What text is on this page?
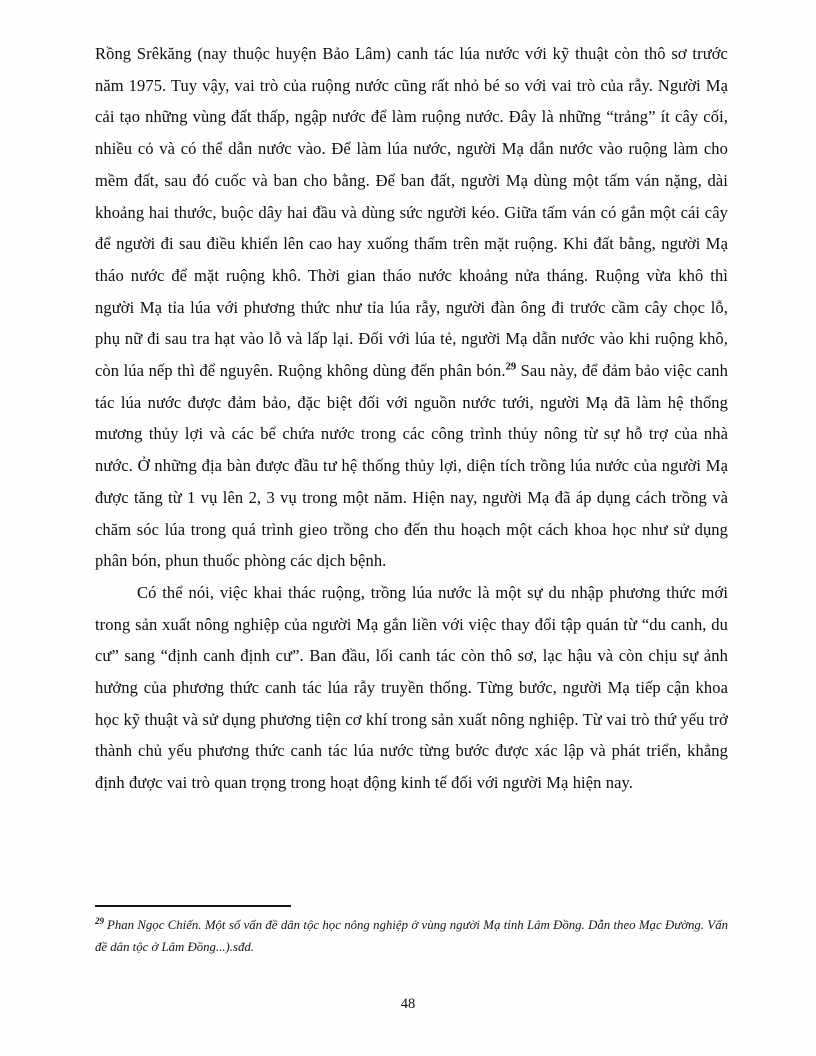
Rồng Srêkăng (nay thuộc huyện Bảo Lâm) canh tác lúa nước với kỹ thuật còn thô sơ trước năm 1975. Tuy vậy, vai trò của ruộng nước cũng rất nhỏ bé so với vai trò của rẫy. Người Mạ cải tạo những vùng đất thấp, ngập nước để làm ruộng nước. Đây là những “trảng” ít cây cối, nhiều cỏ và có thể dẫn nước vào. Để làm lúa nước, người Mạ dẫn nước vào ruộng làm cho mềm đất, sau đó cuốc và ban cho bằng. Để ban đất, người Mạ dùng một tấm ván nặng, dài khoảng hai thước, buộc dây hai đầu và dùng sức người kéo. Giữa tấm ván có gắn một cái cây để người đi sau điều khiển lên cao hay xuống thấm trên mặt ruộng. Khi đất bằng, người Mạ tháo nước để mặt ruộng khô. Thời gian tháo nước khoảng nửa tháng. Ruộng vừa khô thì người Mạ tỉa lúa với phương thức như tỉa lúa rẫy, người đàn ông đi trước cầm cây chọc lỗ, phụ nữ đi sau tra hạt vào lỗ và lấp lại. Đối với lúa tẻ, người Mạ dẫn nước vào khi ruộng khô, còn lúa nếp thì để nguyên. Ruộng không dùng đến phân bón.$^{29}$ Sau này, để đảm bảo việc canh tác lúa nước được đảm bảo, đặc biệt đối với nguồn nước tưới, người Mạ đã làm hệ thống mương thủy lợi và các bể chứa nước trong các công trình thủy nông từ sự hỗ trợ của nhà nước. Ở những địa bàn được đầu tư hệ thống thủy lợi, diện tích trồng lúa nước của người Mạ được tăng từ 1 vụ lên 2, 3 vụ trong một năm. Hiện nay, người Mạ đã áp dụng cách trồng và chăm sóc lúa trong quá trình gieo trồng cho đến thu hoạch một cách khoa học như sử dụng phân bón, phun thuốc phòng các dịch bệnh.

Có thể nói, việc khai thác ruộng, trồng lúa nước là một sự du nhập phương thức mới trong sản xuất nông nghiệp của người Mạ gắn liền với việc thay đổi tập quán từ “du canh, du cư” sang “định canh định cư”. Ban đầu, lối canh tác còn thô sơ, lạc hậu và còn chịu sự ảnh hưởng của phương thức canh tác lúa rẫy truyền thống. Từng bước, người Mạ tiếp cận khoa học kỹ thuật và sử dụng phương tiện cơ khí trong sản xuất nông nghiệp. Từ vai trò thứ yếu trở thành chủ yếu phương thức canh tác lúa nước từng bước được xác lập và phát triển, khẳng định được vai trò quan trọng trong hoạt động kinh tế đối với người Mạ hiện nay.

$^{29}$ Phan Ngọc Chiến. Một số vấn đề dân tộc học nông nghiệp ở vùng người Mạ tỉnh Lâm Đồng. Dẫn theo Mạc Đường. Vấn đề dân tộc ở Lâm Đồng...).sđd.

48
